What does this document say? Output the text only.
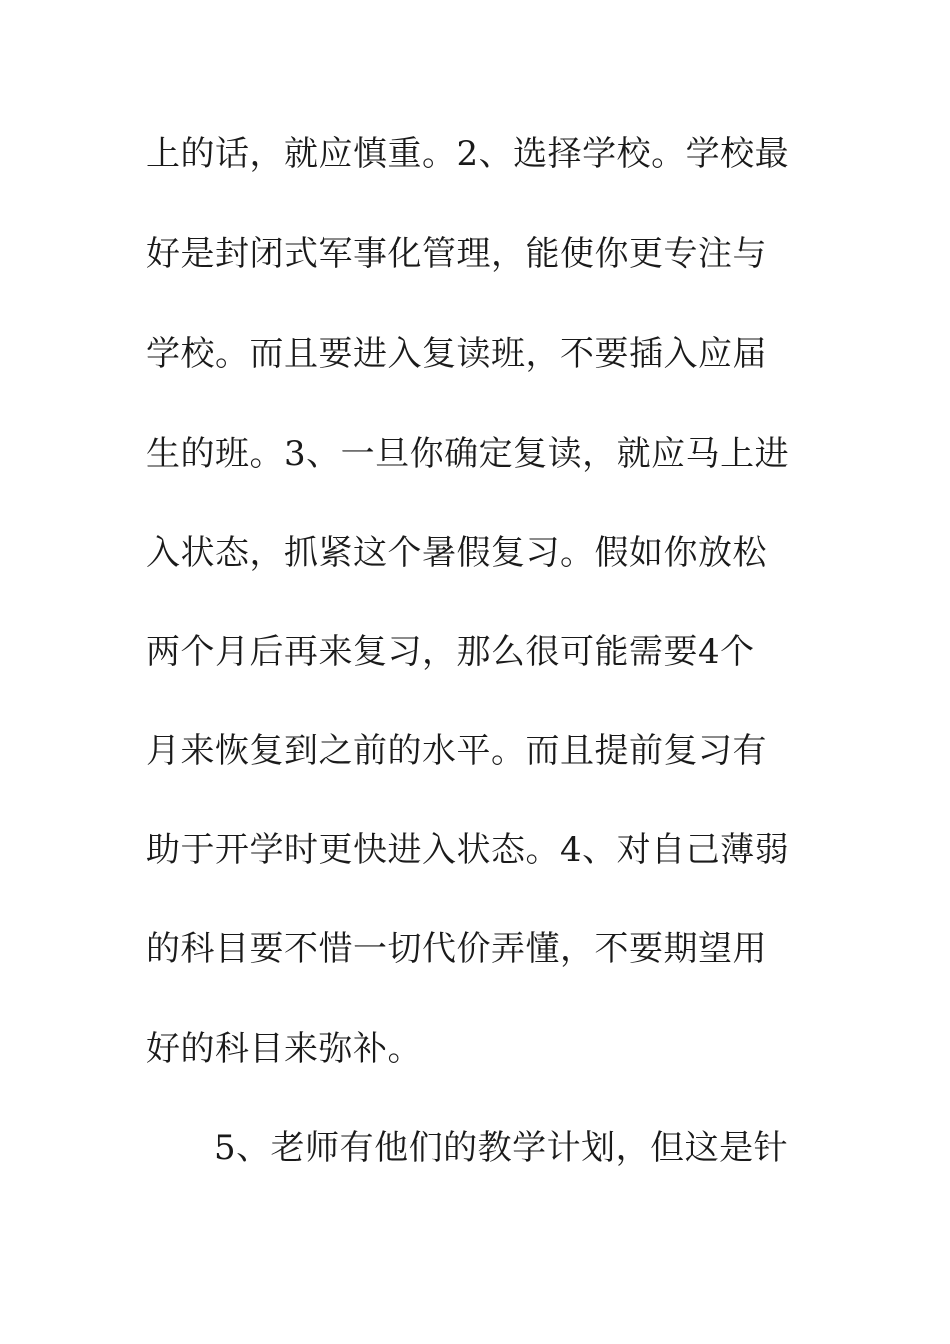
上的话，就应慎重。2、选择学校。学校最
好是封闭式军事化管理，能使你更专注与
学校。而且要进入复读班，不要插入应届
生的班。3、一旦你确定复读，就应马上进
入状态，抓紧这个暑假复习。假如你放松
两个月后再来复习，那么很可能需要4个
月来恢复到之前的水平。而且提前复习有
助于开学时更快进入状态。4、对自己薄弱
的科目要不惜一切代价弄懂，不要期望用
好的科目来弥补。
5、老师有他们的教学计划，但这是针
